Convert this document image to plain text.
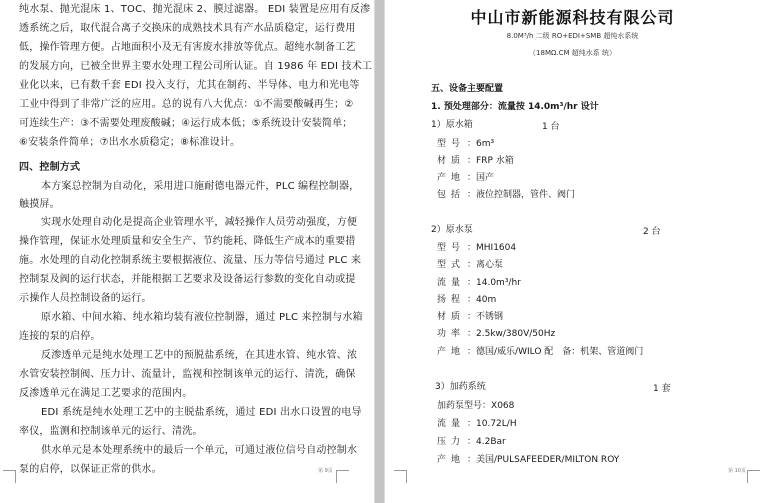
纯水泵、抛光混床 1、TOC、抛光混床 2、膜过滤器。 EDI 装置是应用有反渗
透系统之后，取代混合离子交换床的成熟技术具有产水品质稳定，运行费用
低，操作管理方便。占地面积小及无有害废水排放等优点。超纯水制备工艺
的发展方向，已被全世界主要水处理工程公司所认证。自 1986 年 EDI 技术工
业化以来，已有数千套 EDI 投入支行，尤其在制药、半导体、电力和光电等
工业中得到了非常广泛的应用。总的说有八大优点：①不需要酸碱再生；②
可连续生产：③不需要处理废酸碱；④运行成本低；⑤系统设计安装简单；
⑥安装条件简单；⑦出水水质稳定；⑧标准设计。
四、控制方式
本方案总控制为自动化，采用进口施耐德电器元件，PLC 编程控制器，
触摸屏。
实现水处理自动化是提高企业管理水平，减轻操作人员劳动强度，方便
操作管理，保证水处理质量和安全生产、节约能耗、降低生产成本的重要措
施。水处理的自动化控制系统主要根据液位、流量、压力等信号通过 PLC 来
控制泵及阀的运行状态，并能根据工艺要求及设备运行参数的变化自动或提
示操作人员控制设备的运行。
原水箱、中间水箱、纯水箱均装有液位控制器，通过 PLC 来控制与水箱
连接的泵的启停。
反渗透单元是纯水处理工艺中的预脱盐系统，在其进水管、纯水管、浓
水管安装控制阀、压力计、流量计，监视和控制该单元的运行、清洗，确保
反渗透单元在满足工艺要求的范围内。
EDI 系统是纯水处理工艺中的主脱盐系统，通过 EDI 出水口设置的电导
率仪，监测和控制该单元的运行、清洗。
供水单元是本处理系统中的最后一个单元，可通过液位信号自动控制水
泵的启停，以保证正常的供水。	第 9页
中山市新能源科技有限公司
8.0M³/h 二级 RO+EDI+SMB 超纯水系统
（18MΩ.CM 超纯水系 统）
五、设备主要配置
1. 预处理部分：流量按 14.0m³/hr 设计
1）原水箱	1 台
型号 ：6m³
材质 ：FRP 水箱
产地 ：国产
包括 ：液位控制器，管件、阀门
2）原水泵	2 台
型号 ：MHI1604
型式 ：离心泵
流量 ：14.0m³/hr
扬程 ：40m
材质 ：不锈钢
功率 ：2.5kw/380V/50Hz
产地 ：德国/威乐/WILO 配　备：机架、管道阀门
3）加药系统	1 套
加药泵型号：X068
流量 ：10.72L/H
压力 ：4.2Bar
产地 ：美国/PULSAFEEDER/MILTON ROY
第 10页
